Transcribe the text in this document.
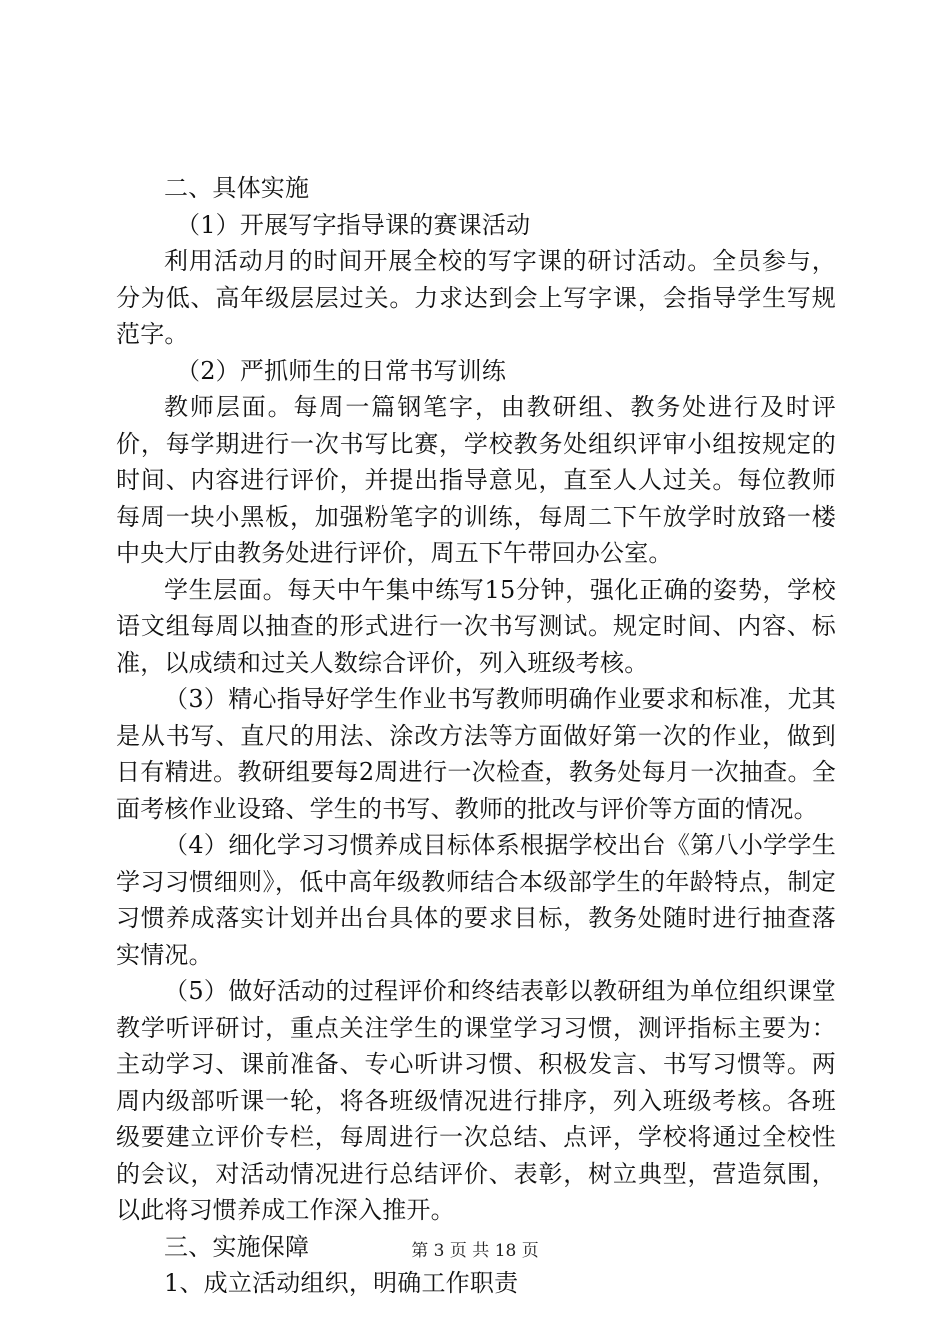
二、具体实施
（1）开展写字指导课的赛课活动

利用活动月的时间开展全校的写字课的研讨活动。全员参与，分为低、高年级层层过关。力求达到会上写字课，会指导学生写规范字。

（2）严抓师生的日常书写训练

教师层面。每周一篇钢笔字，由教研组、教务处进行及时评价，每学期进行一次书写比赛，学校教务处组织评审小组按规定的时间、内容进行评价，并提出指导意见，直至人人过关。每位教师每周一块小黑板，加强粉笔字的训练，每周二下午放学时放臵一楼中央大厅由教务处进行评价，周五下午带回办公室。

学生层面。每天中午集中练写15分钟，强化正确的姿势，学校语文组每周以抽查的形式进行一次书写测试。规定时间、内容、标准，以成绩和过关人数综合评价，列入班级考核。

（3）精心指导好学生作业书写教师明确作业要求和标准，尤其是从书写、直尺的用法、涂改方法等方面做好第一次的作业，做到日有精进。教研组要每2周进行一次检查，教务处每月一次抽查。全面考核作业设臵、学生的书写、教师的批改与评价等方面的情况。

（4）细化学习习惯养成目标体系根据学校出台《第八小学学生学习习惯细则》，低中高年级教师结合本级部学生的年龄特点，制定习惯养成落实计划并出台具体的要求目标，教务处随时进行抽查落实情况。

（5）做好活动的过程评价和终结表彰以教研组为单位组织课堂教学听评研讨，重点关注学生的课堂学习习惯，测评指标主要为：主动学习、课前准备、专心听讲习惯、积极发言、书写习惯等。两周内级部听课一轮，将各班级情况进行排序，列入班级考核。各班级要建立评价专栏，每周进行一次总结、点评，学校将通过全校性的会议，对活动情况进行总结评价、表彰，树立典型，营造氛围，以此将习惯养成工作深入推开。

三、实施保障
1、成立活动组织，明确工作职责
第 3 页 共 18 页
